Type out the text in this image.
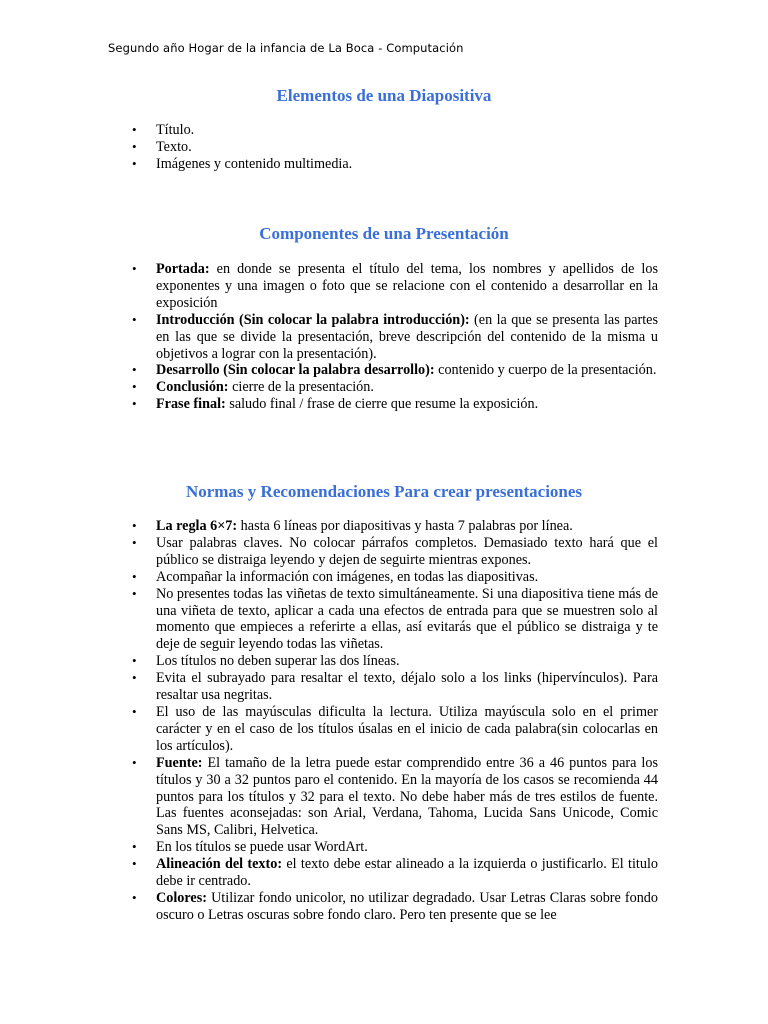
Segundo año Hogar de la infancia de La Boca - Computación
Elementos de una Diapositiva
• Título.
• Texto.
• Imágenes y contenido multimedia.
Componentes de una Presentación
• Portada: en donde se presenta el título del tema, los nombres y apellidos de los exponentes y una imagen o foto que se relacione con el contenido a desarrollar en la exposición
• Introducción (Sin colocar la palabra introducción): (en la que se presenta las partes en las que se divide la presentación, breve descripción del contenido de la misma u objetivos a lograr con la presentación).
• Desarrollo (Sin colocar la palabra desarrollo): contenido y cuerpo de la presentación.
• Conclusión: cierre de la presentación.
• Frase final: saludo final / frase de cierre que resume la exposición.
Normas y Recomendaciones Para crear presentaciones
• La regla 6×7: hasta 6 líneas por diapositivas y hasta 7 palabras por línea.
• Usar palabras claves. No colocar párrafos completos. Demasiado texto hará que el público se distraiga leyendo y dejen de seguirte mientras expones.
• Acompañar la información con imágenes, en todas las diapositivas.
• No presentes todas las viñetas de texto simultáneamente. Si una diapositiva tiene más de una viñeta de texto, aplicar a cada una efectos de entrada para que se muestren solo al momento que empieces a referirte a ellas, así evitarás que el público se distraiga y te deje de seguir leyendo todas las viñetas.
• Los títulos no deben superar las dos líneas.
• Evita el subrayado para resaltar el texto, déjalo solo a los links (hipervínculos). Para resaltar usa negritas.
• El uso de las mayúsculas dificulta la lectura. Utiliza mayúscula solo en el primer carácter y en el caso de los títulos úsalas en el inicio de cada palabra(sin colocarlas en los artículos).
• Fuente: El tamaño de la letra puede estar comprendido entre 36 a 46 puntos para los títulos y 30 a 32 puntos paro el contenido. En la mayoría de los casos se recomienda 44 puntos para los títulos y 32 para el texto. No debe haber más de tres estilos de fuente. Las fuentes aconsejadas: son Arial, Verdana, Tahoma, Lucida Sans Unicode, Comic Sans MS, Calibri, Helvetica.
• En los títulos se puede usar WordArt.
• Alineación del texto: el texto debe estar alineado a la izquierda o justificarlo. El titulo debe ir centrado.
• Colores: Utilizar fondo unicolor, no utilizar degradado. Usar Letras Claras sobre fondo oscuro o Letras oscuras sobre fondo claro. Pero ten presente que se lee
